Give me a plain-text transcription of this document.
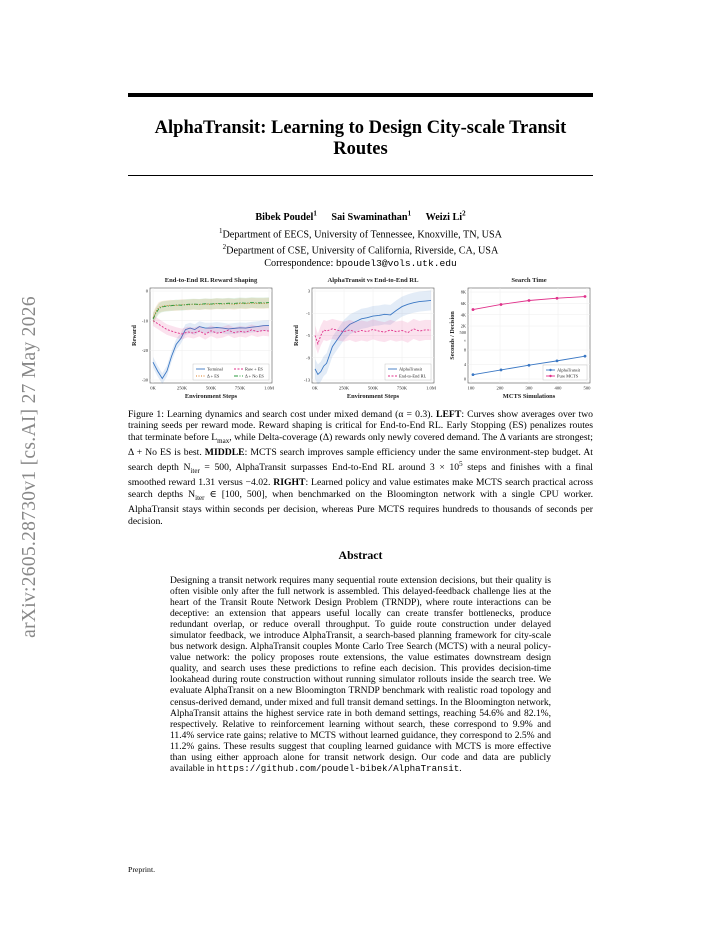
arXiv:2605.28730v1 [cs.AI] 27 May 2026
AlphaTransit: Learning to Design City-scale Transit Routes
Bibek Poudel$^1$ Sai Swaminathan$^1$ Weizi Li$^2$
$^1$Department of EECS, University of Tennessee, Knoxville, TN, USA
$^2$Department of CSE, University of California, Riverside, CA, USA
Correspondence: bpoudel3@vols.utk.edu
End-to-End RL Reward Shaping
Environment Steps
Reward
0K	250K	500K	750K	1.0M
0
-10
-20
-30
Terminal	Raw + ES
Δ + ES	Δ + No ES
AlphaTransit vs End-to-End RL
Environment Steps
Reward
0K	250K	500K	750K	1.0M
3
-1
-5
-9
-13
AlphaTransit
End-to-End RL
Search Time
MCTS Simulations
Seconds / Decision
100	200	300	400	500
8K
6K
4K
2K
500
×
8
4
0
AlphaTransit
Pure MCTS
Figure 1: Learning dynamics and search cost under mixed demand (α = 0.3). LEFT: Curves show averages over two training seeds per reward mode. Reward shaping is critical for End-to-End RL. Early Stopping (ES) penalizes routes that terminate before $L_{max}$, while Delta-coverage (Δ) rewards only newly covered demand. The Δ variants are strongest; Δ + No ES is best. MIDDLE: MCTS search improves sample efficiency under the same environment-step budget. At search depth $N_{iter} = 500$, AlphaTransit surpasses End-to-End RL around $3 \times 10^5$ steps and finishes with a final smoothed reward 1.31 versus −4.02. RIGHT: Learned policy and value estimates make MCTS search practical across search depths $N_{iter}$ ∈ [100, 500], when benchmarked on the Bloomington network with a single CPU worker. AlphaTransit stays within seconds per decision, whereas Pure MCTS requires hundreds to thousands of seconds per decision.
Abstract
Designing a transit network requires many sequential route extension decisions, but their quality is often visible only after the full network is assembled. This delayed-feedback challenge lies at the heart of the Transit Route Network Design Problem (TRNDP), where route interactions can be deceptive: an extension that appears useful locally can create transfer bottlenecks, produce redundant overlap, or reduce overall throughput. To guide route construction under delayed simulator feedback, we introduce AlphaTransit, a search-based planning framework for city-scale bus network design. AlphaTransit couples Monte Carlo Tree Search (MCTS) with a neural policy-value network: the policy proposes route extensions, the value estimates downstream design quality, and search uses these predictions to refine each decision. This provides decision-time lookahead during route construction without running simulator rollouts inside the search tree. We evaluate AlphaTransit on a new Bloomington TRNDP benchmark with realistic road topology and census-derived demand, under mixed and full transit demand settings. In the Bloomington network, AlphaTransit attains the highest service rate in both demand settings, reaching 54.6% and 82.1%, respectively. Relative to reinforcement learning without search, these correspond to 9.9% and 11.4% service rate gains; relative to MCTS without learned guidance, they correspond to 2.5% and 11.2% gains. These results suggest that coupling learned guidance with MCTS is more effective than using either approach alone for transit network design. Our code and data are publicly available in https://github.com/poudel-bibek/AlphaTransit.
Preprint.
